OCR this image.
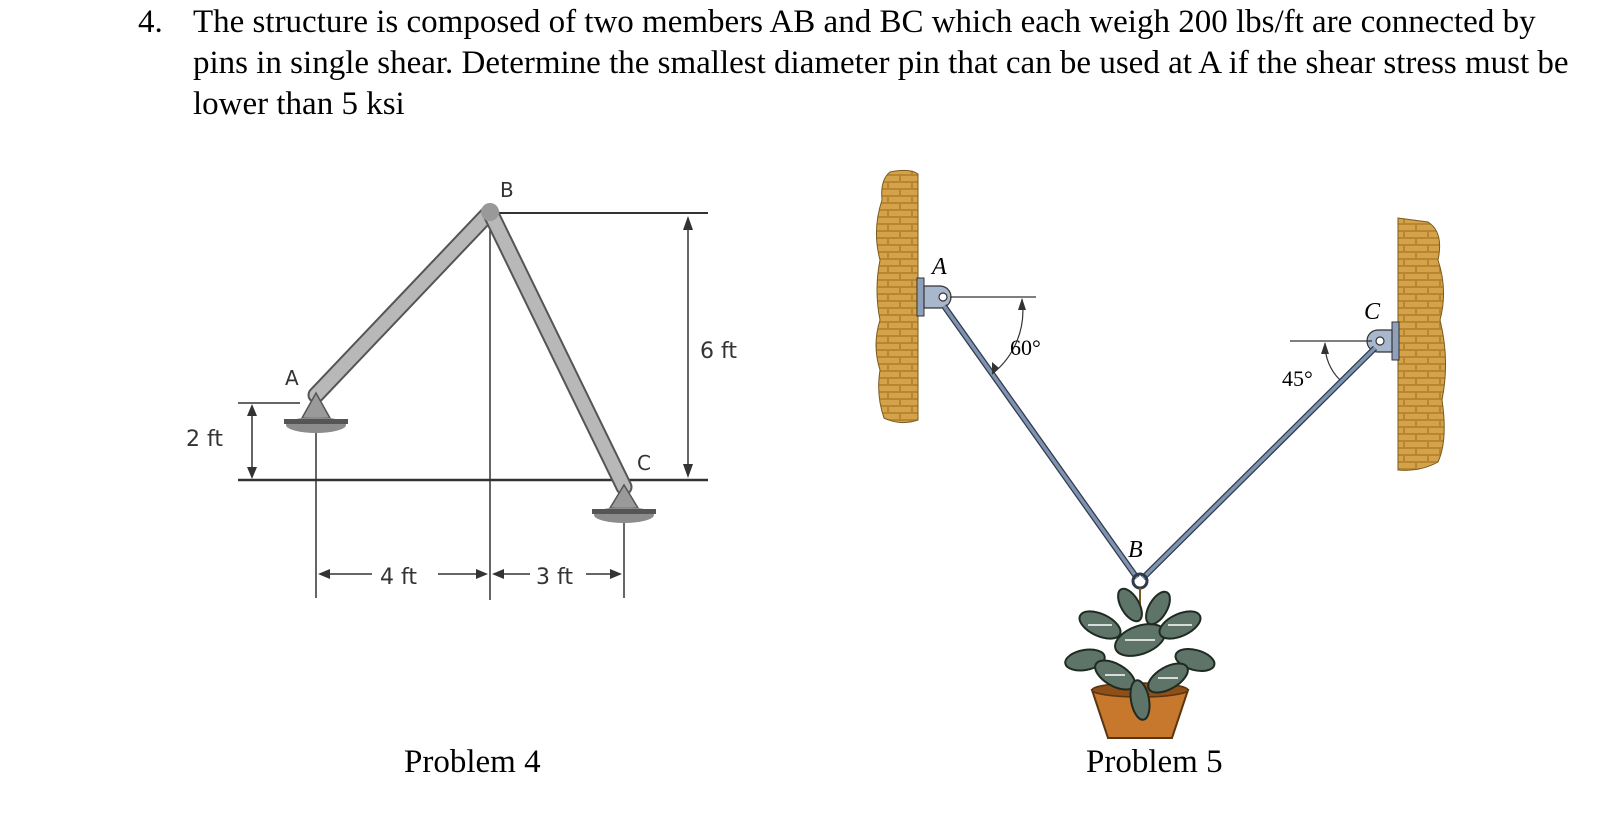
4. The structure is composed of two members AB and BC which each weigh 200 lbs/ft are connected by pins in single shear. Determine the smallest diameter pin that can be used at A if the shear stress must be lower than 5 ksi
B
A
C
6 ft
2 ft
4 ft	3 ft
A
B
C
60°
45°
Problem 4	Problem 5
